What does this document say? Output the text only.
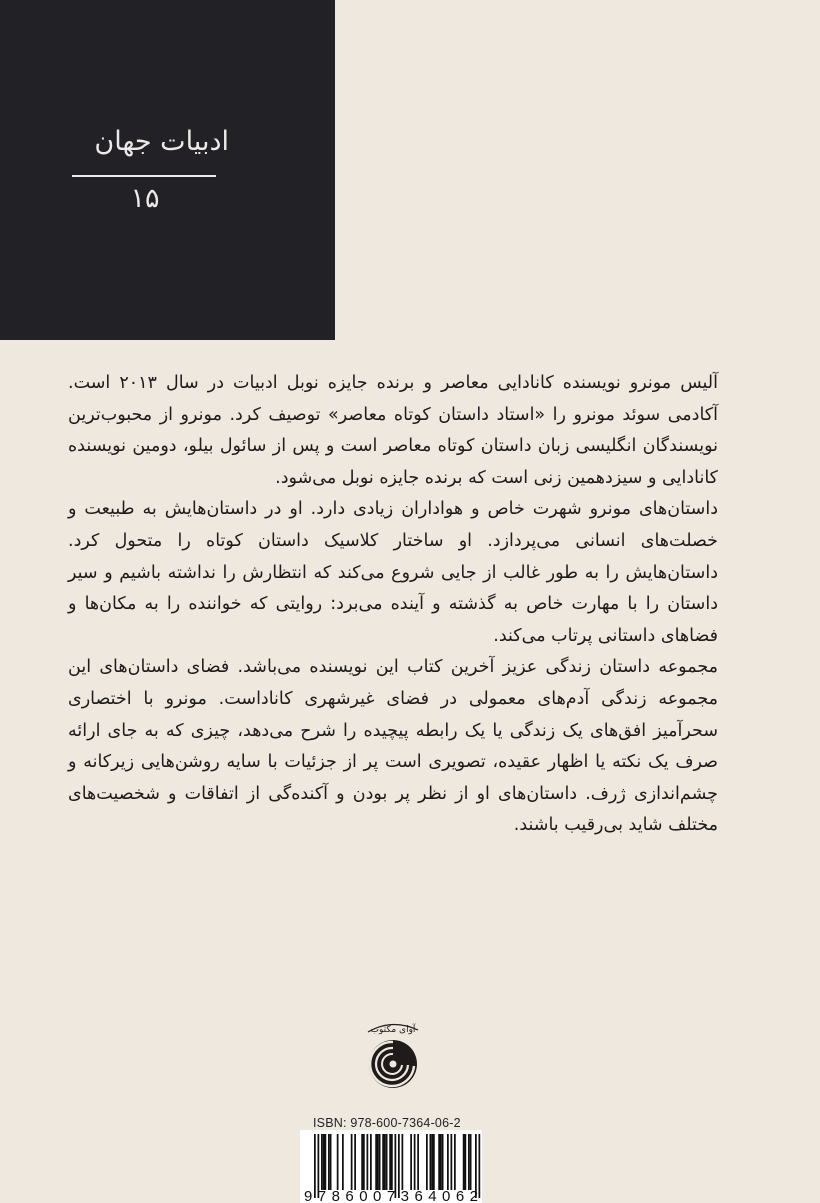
ادبیات جهان
۱۵

آلیس مونرو نویسنده کانادایی معاصر و برنده جایزه نوبل ادبیات در سال ۲۰۱۳ است. آکادمی سوئد مونرو را «استاد داستان کوتاه معاصر» توصیف کرد. مونرو از محبوب‌ترین نویسندگان انگلیسی زبان داستان کوتاه معاصر است و پس از سائول بیلو، دومین نویسنده کانادایی و سیزدهمین زنی است که برنده جایزه نوبل می‌شود.

داستان‌های مونرو شهرت خاص و هواداران زیادی دارد. او در داستان‌هایش به طبیعت و خصلت‌های انسانی می‌پردازد. او ساختار کلاسیک داستان کوتاه را متحول کرد. داستان‌هایش را به طور غالب از جایی شروع می‌کند که انتظارش را نداشته باشیم و سیر داستان را با مهارت خاص به گذشته و آینده می‌برد: روایتی که خواننده را به مکان‌ها و فضاهای داستانی پرتاب می‌کند.

مجموعه داستان زندگی عزیز آخرین کتاب این نویسنده می‌باشد. فضای داستان‌های این مجموعه زندگی آدم‌های معمولی در فضای غیرشهری کاناداست. مونرو با اختصاری سحرآمیز افق‌های یک زندگی یا یک رابطه پیچیده را شرح می‌دهد، چیزی که به جای ارائه صرف یک نکته یا اظهار عقیده، تصویری است پر از جزئیات با سایه روشن‌هایی زیرکانه و چشم‌اندازی ژرف. داستان‌های او از نظر پر بودن و آکنده‌گی از اتفاقات و شخصیت‌های مختلف شاید بی‌رقیب باشند.

آوای مکتوب
ISBN: 978-600-7364-06-2
9786007364062
